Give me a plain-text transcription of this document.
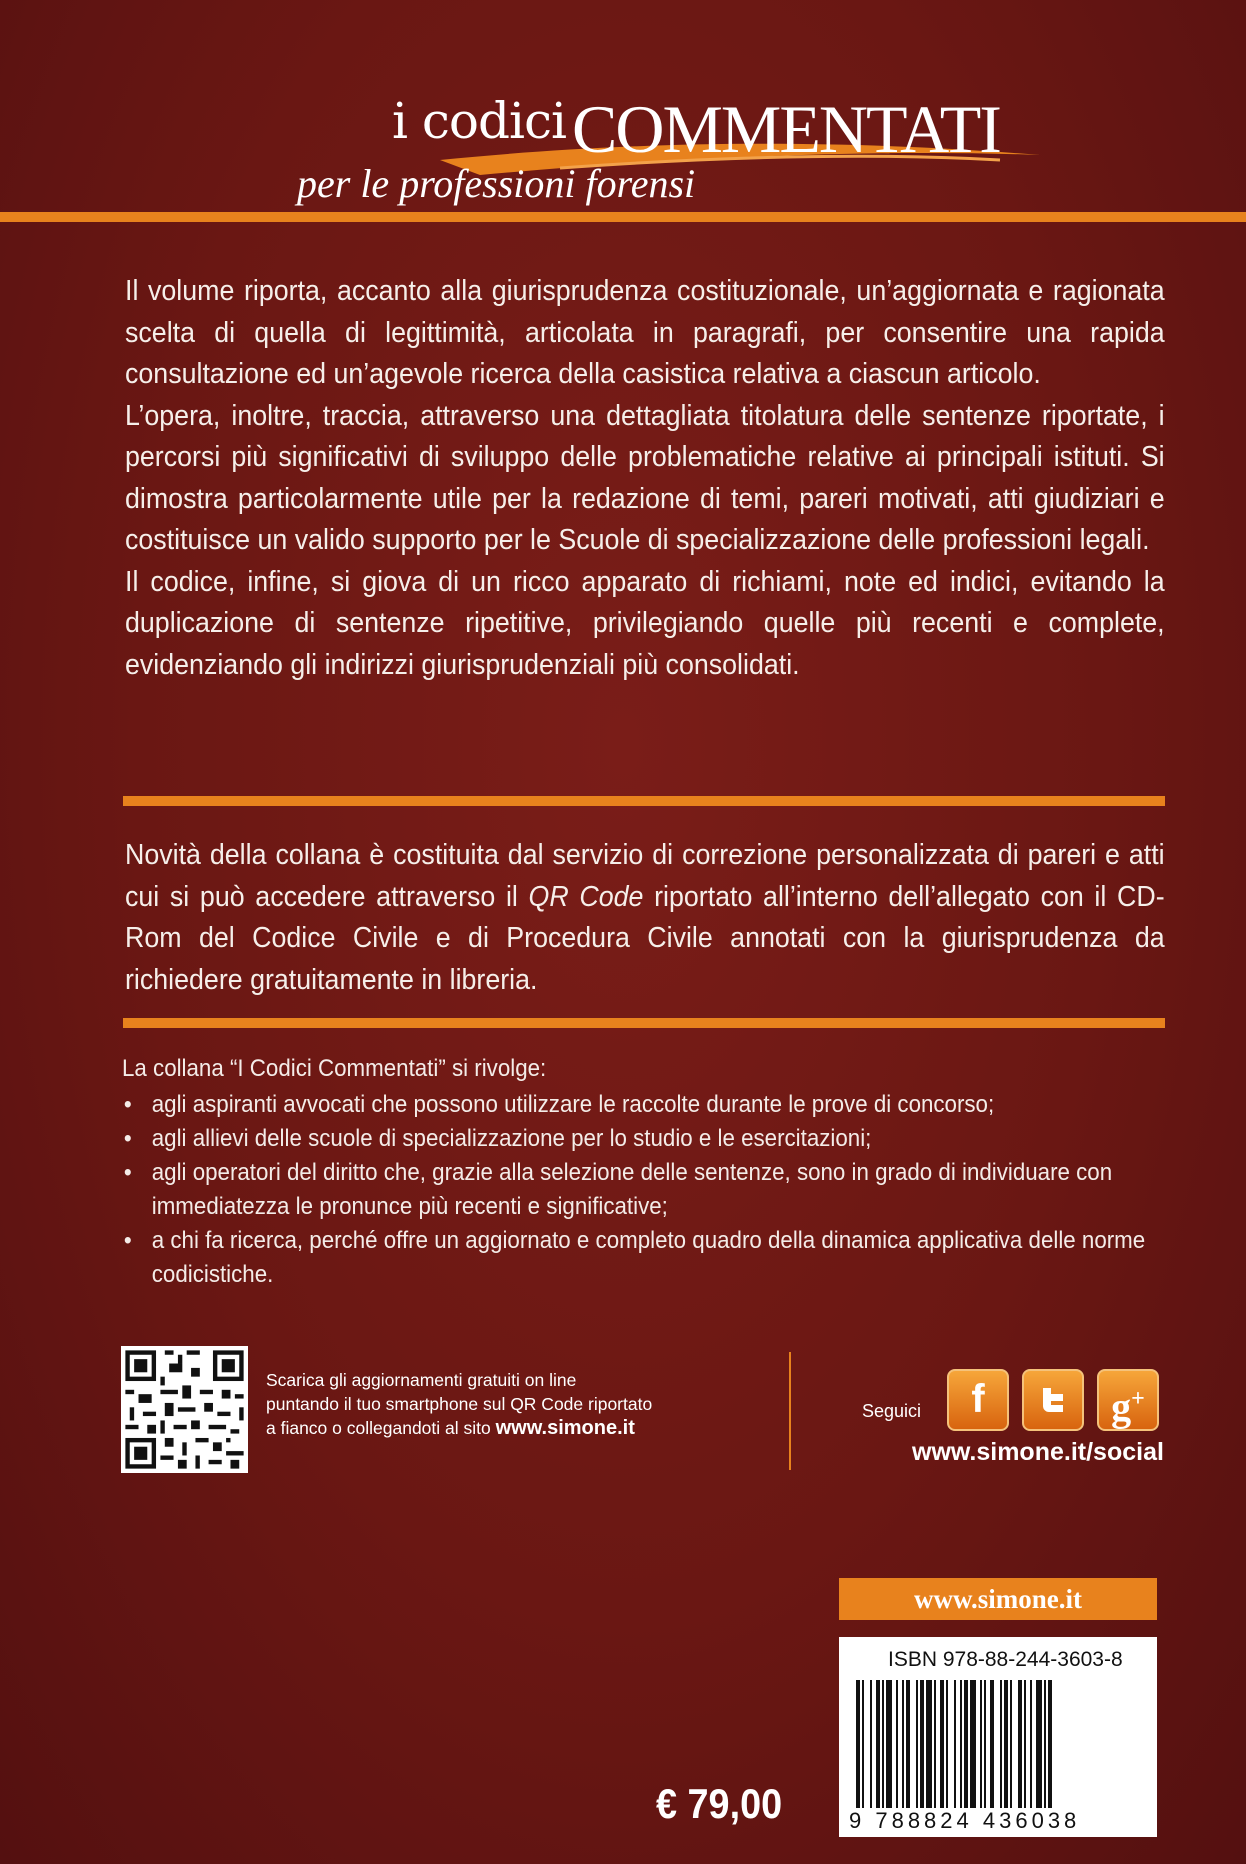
i codici COMMENTATI
per le professioni forensi

Il volume riporta, accanto alla giurisprudenza costituzionale, un’aggiornata e ragionata scelta di quella di legittimità, articolata in paragrafi, per consentire una rapida consultazione ed un’agevole ricerca della casistica relativa a ciascun articolo.

L’opera, inoltre, traccia, attraverso una dettagliata titolatura delle sentenze riportate, i percorsi più significativi di sviluppo delle problematiche relative ai principali istituti. Si dimostra particolarmente utile per la redazione di temi, pareri motivati, atti giudiziari e costituisce un valido supporto per le Scuole di specializzazione delle professioni legali.

Il codice, infine, si giova di un ricco apparato di richiami, note ed indici, evitando la duplicazione di sentenze ripetitive, privilegiando quelle più recenti e complete, evidenziando gli indirizzi giurisprudenziali più consolidati.

Novità della collana è costituita dal servizio di correzione personalizzata di pareri e atti cui si può accedere attraverso il QR Code riportato all’interno dell’allegato con il CD-Rom del Codice Civile e di Procedura Civile annotati con la giurisprudenza da richiedere gratuitamente in libreria.

La collana “I Codici Commentati” si rivolge:
• agli aspiranti avvocati che possono utilizzare le raccolte durante le prove di concorso;
• agli allievi delle scuole di specializzazione per lo studio e le esercitazioni;
• agli operatori del diritto che, grazie alla selezione delle sentenze, sono in grado di individuare con immediatezza le pronunce più recenti e significative;
• a chi fa ricerca, perché offre un aggiornato e completo quadro della dinamica applicativa delle norme codicistiche.
Scarica gli aggiornamenti gratuiti on line
puntando il tuo smartphone sul QR Code riportato
a fianco o collegandoti al sito www.simone.it
Seguici	f	g+
www.simone.it/social
www.simone.it
ISBN 978-88-244-3603-8
9 788824 436038
€ 79,00
